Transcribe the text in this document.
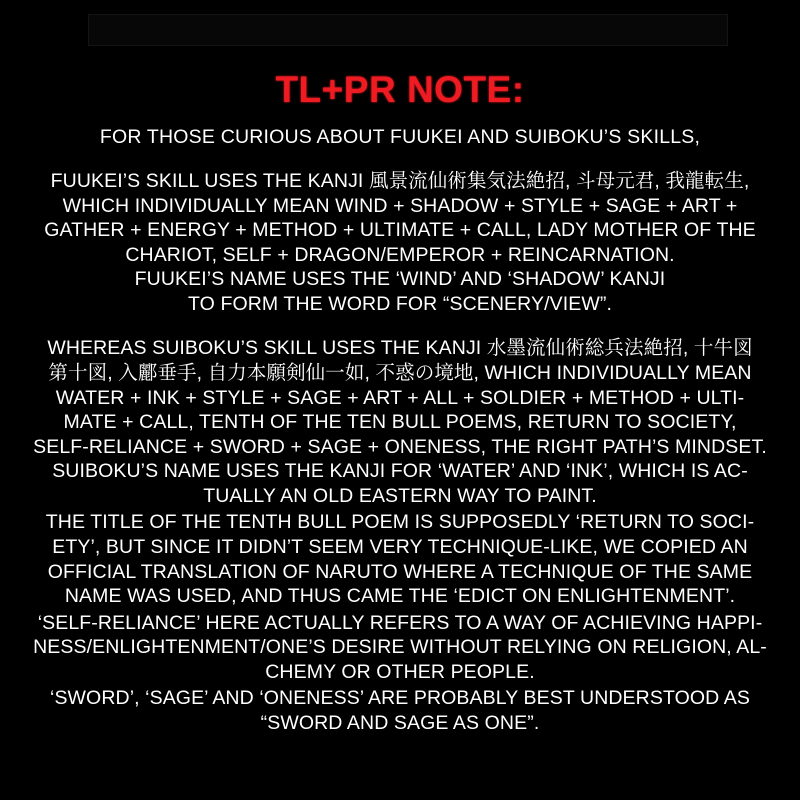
TL+PR NOTE:
FOR THOSE CURIOUS ABOUT FUUKEI AND SUIBOKU’S SKILLS,
FUUKEI’S SKILL USES THE KANJI 風景流仙術集気法絶招, 斗母元君, 我龍転生,
WHICH INDIVIDUALLY MEAN WIND + SHADOW + STYLE + SAGE + ART +
GATHER + ENERGY + METHOD + ULTIMATE + CALL, LADY MOTHER OF THE
CHARIOT, SELF + DRAGON/EMPEROR + REINCARNATION.
FUUKEI’S NAME USES THE ‘WIND’ AND ‘SHADOW’ KANJI
TO FORM THE WORD FOR “SCENERY/VIEW”.
WHEREAS SUIBOKU’S SKILL USES THE KANJI 水墨流仙術総兵法絶招, 十牛図
第十図, 入酈垂手, 自力本願剣仙一如, 不惑の境地, WHICH INDIVIDUALLY MEAN
WATER + INK + STYLE + SAGE + ART + ALL + SOLDIER + METHOD + ULTI-
MATE + CALL, TENTH OF THE TEN BULL POEMS, RETURN TO SOCIETY,
SELF-RELIANCE + SWORD + SAGE + ONENESS, THE RIGHT PATH’S MINDSET.
SUIBOKU’S NAME USES THE KANJI FOR ‘WATER’ AND ‘INK’, WHICH IS AC-
TUALLY AN OLD EASTERN WAY TO PAINT.
THE TITLE OF THE TENTH BULL POEM IS SUPPOSEDLY ‘RETURN TO SOCI-
ETY’, BUT SINCE IT DIDN’T SEEM VERY TECHNIQUE-LIKE, WE COPIED AN
OFFICIAL TRANSLATION OF NARUTO WHERE A TECHNIQUE OF THE SAME
NAME WAS USED, AND THUS CAME THE ‘EDICT ON ENLIGHTENMENT’.
‘SELF-RELIANCE’ HERE ACTUALLY REFERS TO A WAY OF ACHIEVING HAPPI-
NESS/ENLIGHTENMENT/ONE’S DESIRE WITHOUT RELYING ON RELIGION, AL-
CHEMY OR OTHER PEOPLE.
‘SWORD’, ‘SAGE’ AND ‘ONENESS’ ARE PROBABLY BEST UNDERSTOOD AS
“SWORD AND SAGE AS ONE”.
